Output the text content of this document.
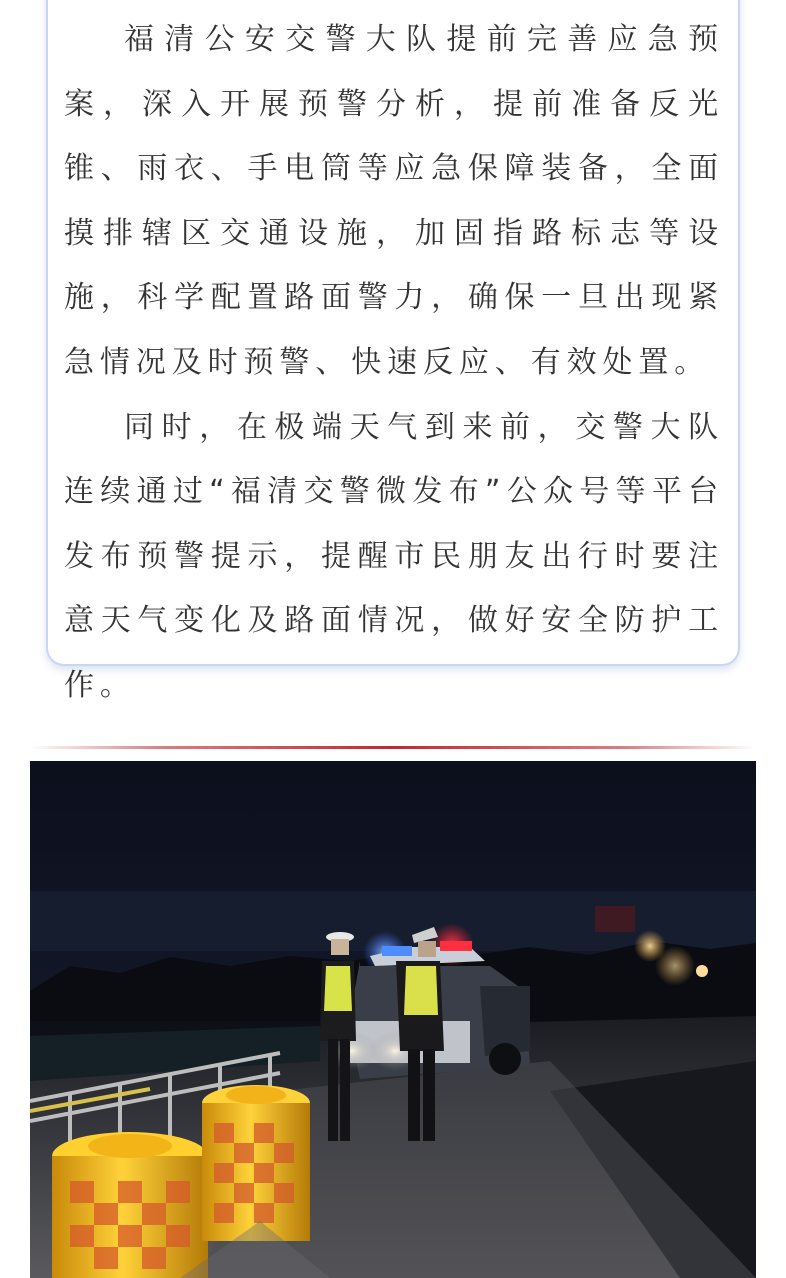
福清公安交警大队提前完善应急预案，深入开展预警分析，提前准备反光锥、雨衣、手电筒等应急保障装备，全面摸排辖区交通设施，加固指路标志等设施，科学配置路面警力，确保一旦出现紧急情况及时预警、快速反应、有效处置。

同时，在极端天气到来前，交警大队连续通过“福清交警微发布”公众号等平台发布预警提示，提醒市民朋友出行时要注意天气变化及路面情况，做好安全防护工作。
